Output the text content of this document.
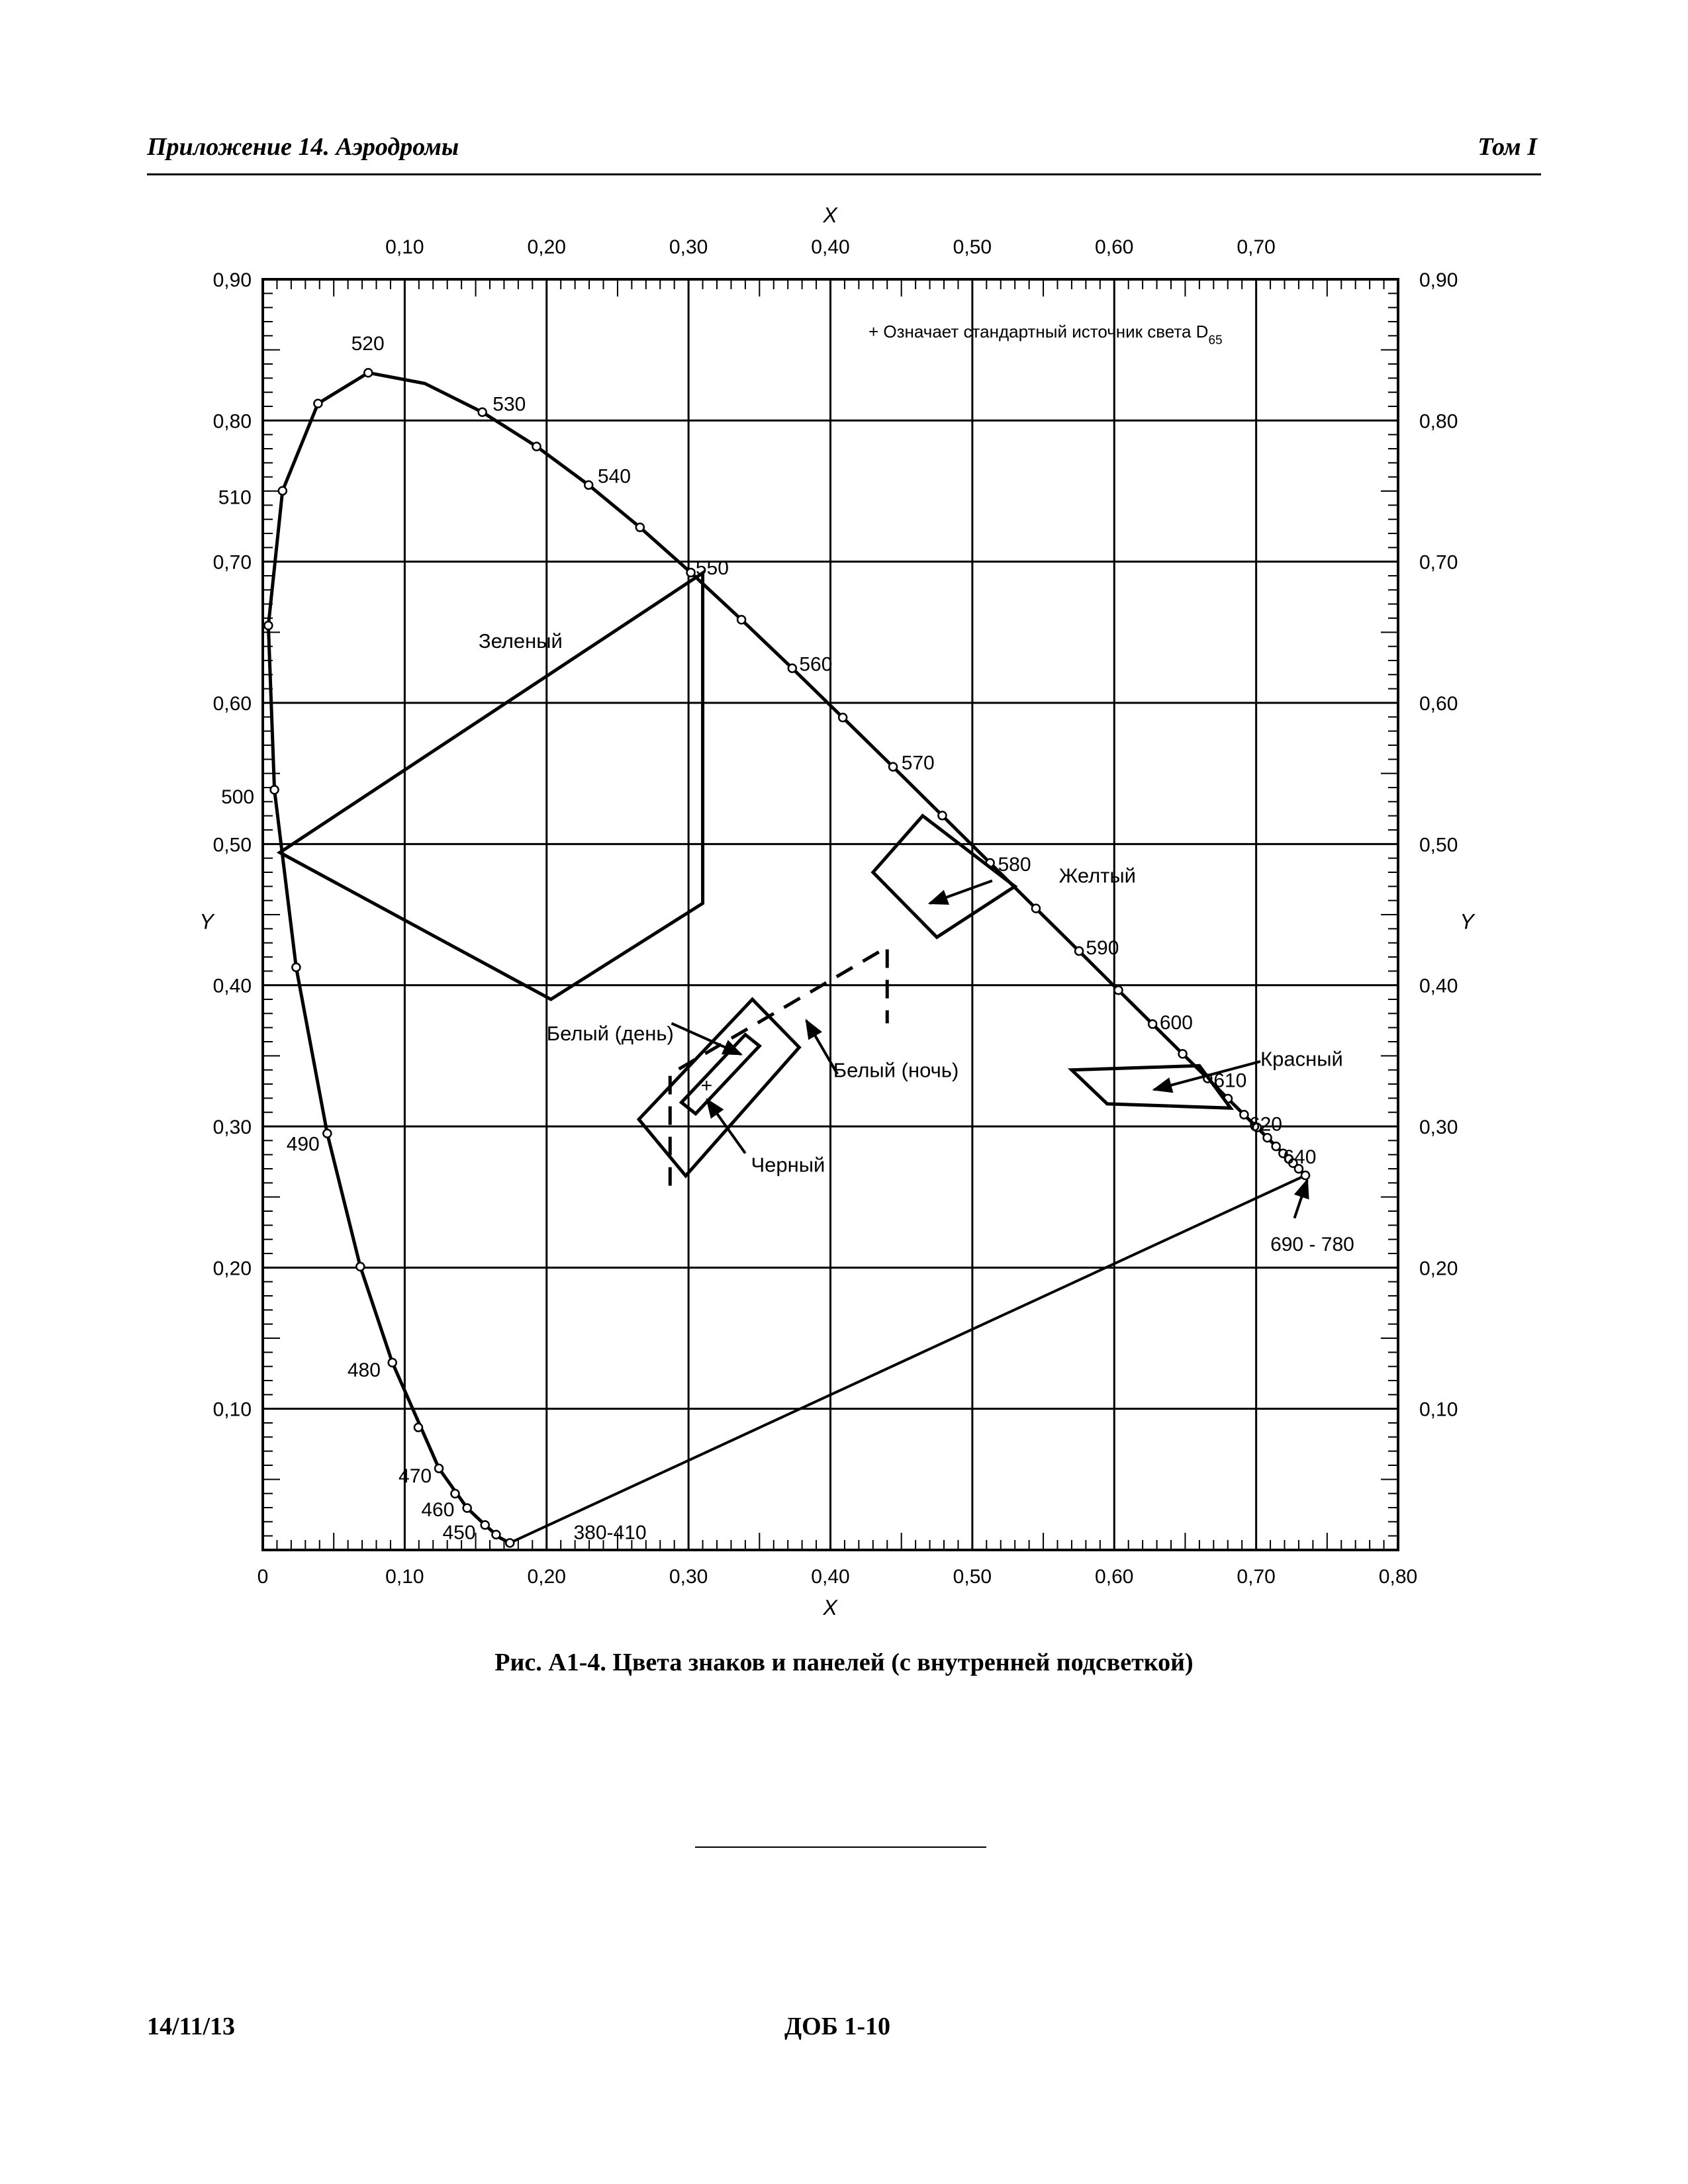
Приложение 14. Аэродромы	Том I
Зеленый
Желтый
Красный
Белый (день)
Белый (ночь)
+
520
530
540
550
560
570
580
590
600
610
620
640
690 - 780
510
500
490
480
470
460
450	380-410
Черный
0,10	0,20	0,30	0,40	0,50	0,60	0,70
0	0,10	0,20	0,30	0,40	0,50	0,60	0,70	0,80
0,10	0,10
0,20	0,20
0,30	0,30
0,40	0,40
0,50	0,50
0,60	0,60
0,70	0,70
0,80	0,80
0,90	0,90
X
X
Y	Y
+ Означает стандартный источник света $D_{65}$
Рис. А1-4. Цвета знаков и панелей (с внутренней подсветкой)
14/11/13	ДОБ 1-10
